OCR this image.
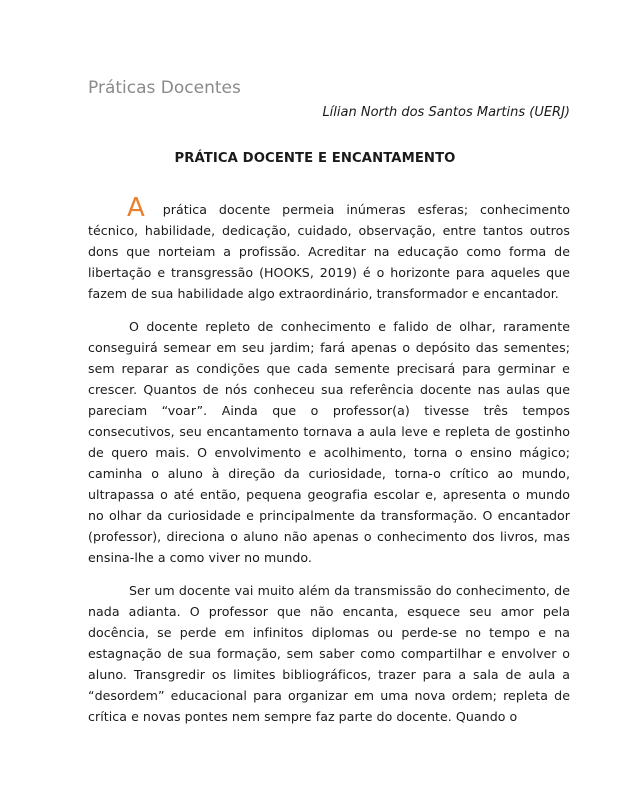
Práticas Docentes

Lílian North dos Santos Martins (UERJ)

PRÁTICA DOCENTE E ENCANTAMENTO

A prática docente permeia inúmeras esferas; conhecimento técnico, habilidade, dedicação, cuidado, observação, entre tantos outros dons que norteiam a profissão. Acreditar na educação como forma de libertação e transgressão (HOOKS, 2019) é o horizonte para aqueles que fazem de sua habilidade algo extraordinário, transformador e encantador.

O docente repleto de conhecimento e falido de olhar, raramente conseguirá semear em seu jardim; fará apenas o depósito das sementes; sem reparar as condições que cada semente precisará para germinar e crescer. Quantos de nós conheceu sua referência docente nas aulas que pareciam “voar”. Ainda que o professor(a) tivesse três tempos consecutivos, seu encantamento tornava a aula leve e repleta de gostinho de quero mais. O envolvimento e acolhimento, torna o ensino mágico; caminha o aluno à direção da curiosidade, torna-o crítico ao mundo, ultrapassa o até então, pequena geografia escolar e, apresenta o mundo no olhar da curiosidade e principalmente da transformação. O encantador (professor), direciona o aluno não apenas o conhecimento dos livros, mas ensina-lhe a como viver no mundo.

Ser um docente vai muito além da transmissão do conhecimento, de nada adianta. O professor que não encanta, esquece seu amor pela docência, se perde em infinitos diplomas ou perde-se no tempo e na estagnação de sua formação, sem saber como compartilhar e envolver o aluno. Transgredir os limites bibliográficos, trazer para a sala de aula a “desordem” educacional para organizar em uma nova ordem; repleta de crítica e novas pontes nem sempre faz parte do docente. Quando o
